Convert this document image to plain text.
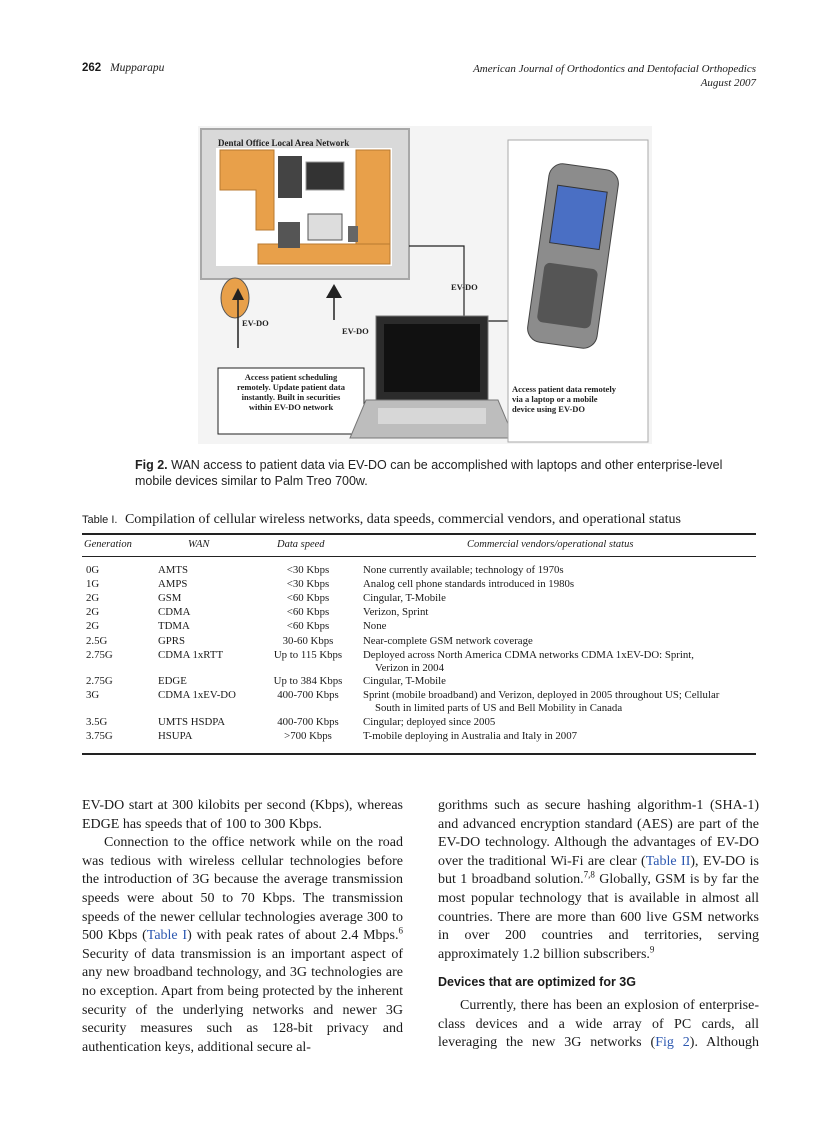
262 Mupparapu	American Journal of Orthodontics and Dentofacial Orthopedics
August 2007
Dental Office Local Area Network
EV-DO
EV-DO
EV-DO
Access patient scheduling
remotely. Update patient data
instantly. Built in securities
within EV-DO network
Access patient data remotely
via a laptop or a mobile
device using EV-DO
Fig 2. WAN access to patient data via EV-DO can be accomplished with laptops and other enterprise-level mobile devices similar to Palm Treo 700w.
Table I. Compilation of cellular wireless networks, data speeds, commercial vendors, and operational status
Generation	WAN	Data speed	Commercial vendors/operational status
0G	AMTS	<30 Kbps	None currently available; technology of 1970s
1G	AMPS	<30 Kbps	Analog cell phone standards introduced in 1980s
2G	GSM	<60 Kbps	Cingular, T-Mobile
2G	CDMA	<60 Kbps	Verizon, Sprint
2G	TDMA	<60 Kbps	None
2.5G	GPRS	30-60 Kbps	Near-complete GSM network coverage
2.75G	CDMA 1xRTT	Up to 115 Kbps	Deployed across North America CDMA networks CDMA 1xEV-DO: Sprint,
Verizon in 2004
2.75G	EDGE	Up to 384 Kbps	Cingular, T-Mobile
3G	CDMA 1xEV-DO	400-700 Kbps	Sprint (mobile broadband) and Verizon, deployed in 2005 throughout US; Cellular
South in limited parts of US and Bell Mobility in Canada
3.5G	UMTS HSDPA	400-700 Kbps	Cingular; deployed since 2005
3.75G	HSUPA	>700 Kbps	T-mobile deploying in Australia and Italy in 2007

EV-DO start at 300 kilobits per second (Kbps), whereas EDGE has speeds that of 100 to 300 Kbps.

Connection to the office network while on the road was tedious with wireless cellular technologies before the introduction of 3G because the average transmission speeds were about 50 to 70 Kbps. The transmission speeds of the newer cellular technologies average 300 to 500 Kbps (Table I) with peak rates of about 2.4 Mbps.$^6$ Security of data transmission is an important aspect of any new broadband technology, and 3G technologies are no exception. Apart from being protected by the inherent security of the underlying networks and newer 3G security measures such as 128-bit privacy and authentication keys, additional secure al-

gorithms such as secure hashing algorithm-1 (SHA-1) and advanced encryption standard (AES) are part of the EV-DO technology. Although the advantages of EV-DO over the traditional Wi-Fi are clear (Table II), EV-DO is but 1 broadband solution.$^{7,8}$ Globally, GSM is by far the most popular technology that is available in almost all countries. There are more than 600 live GSM networks in over 200 countries and territories, serving approximately 1.2 billion subscribers.$^9$

Devices that are optimized for 3G

Currently, there has been an explosion of enterprise-class devices and a wide array of PC cards, all leveraging the new 3G networks (Fig 2). Although
